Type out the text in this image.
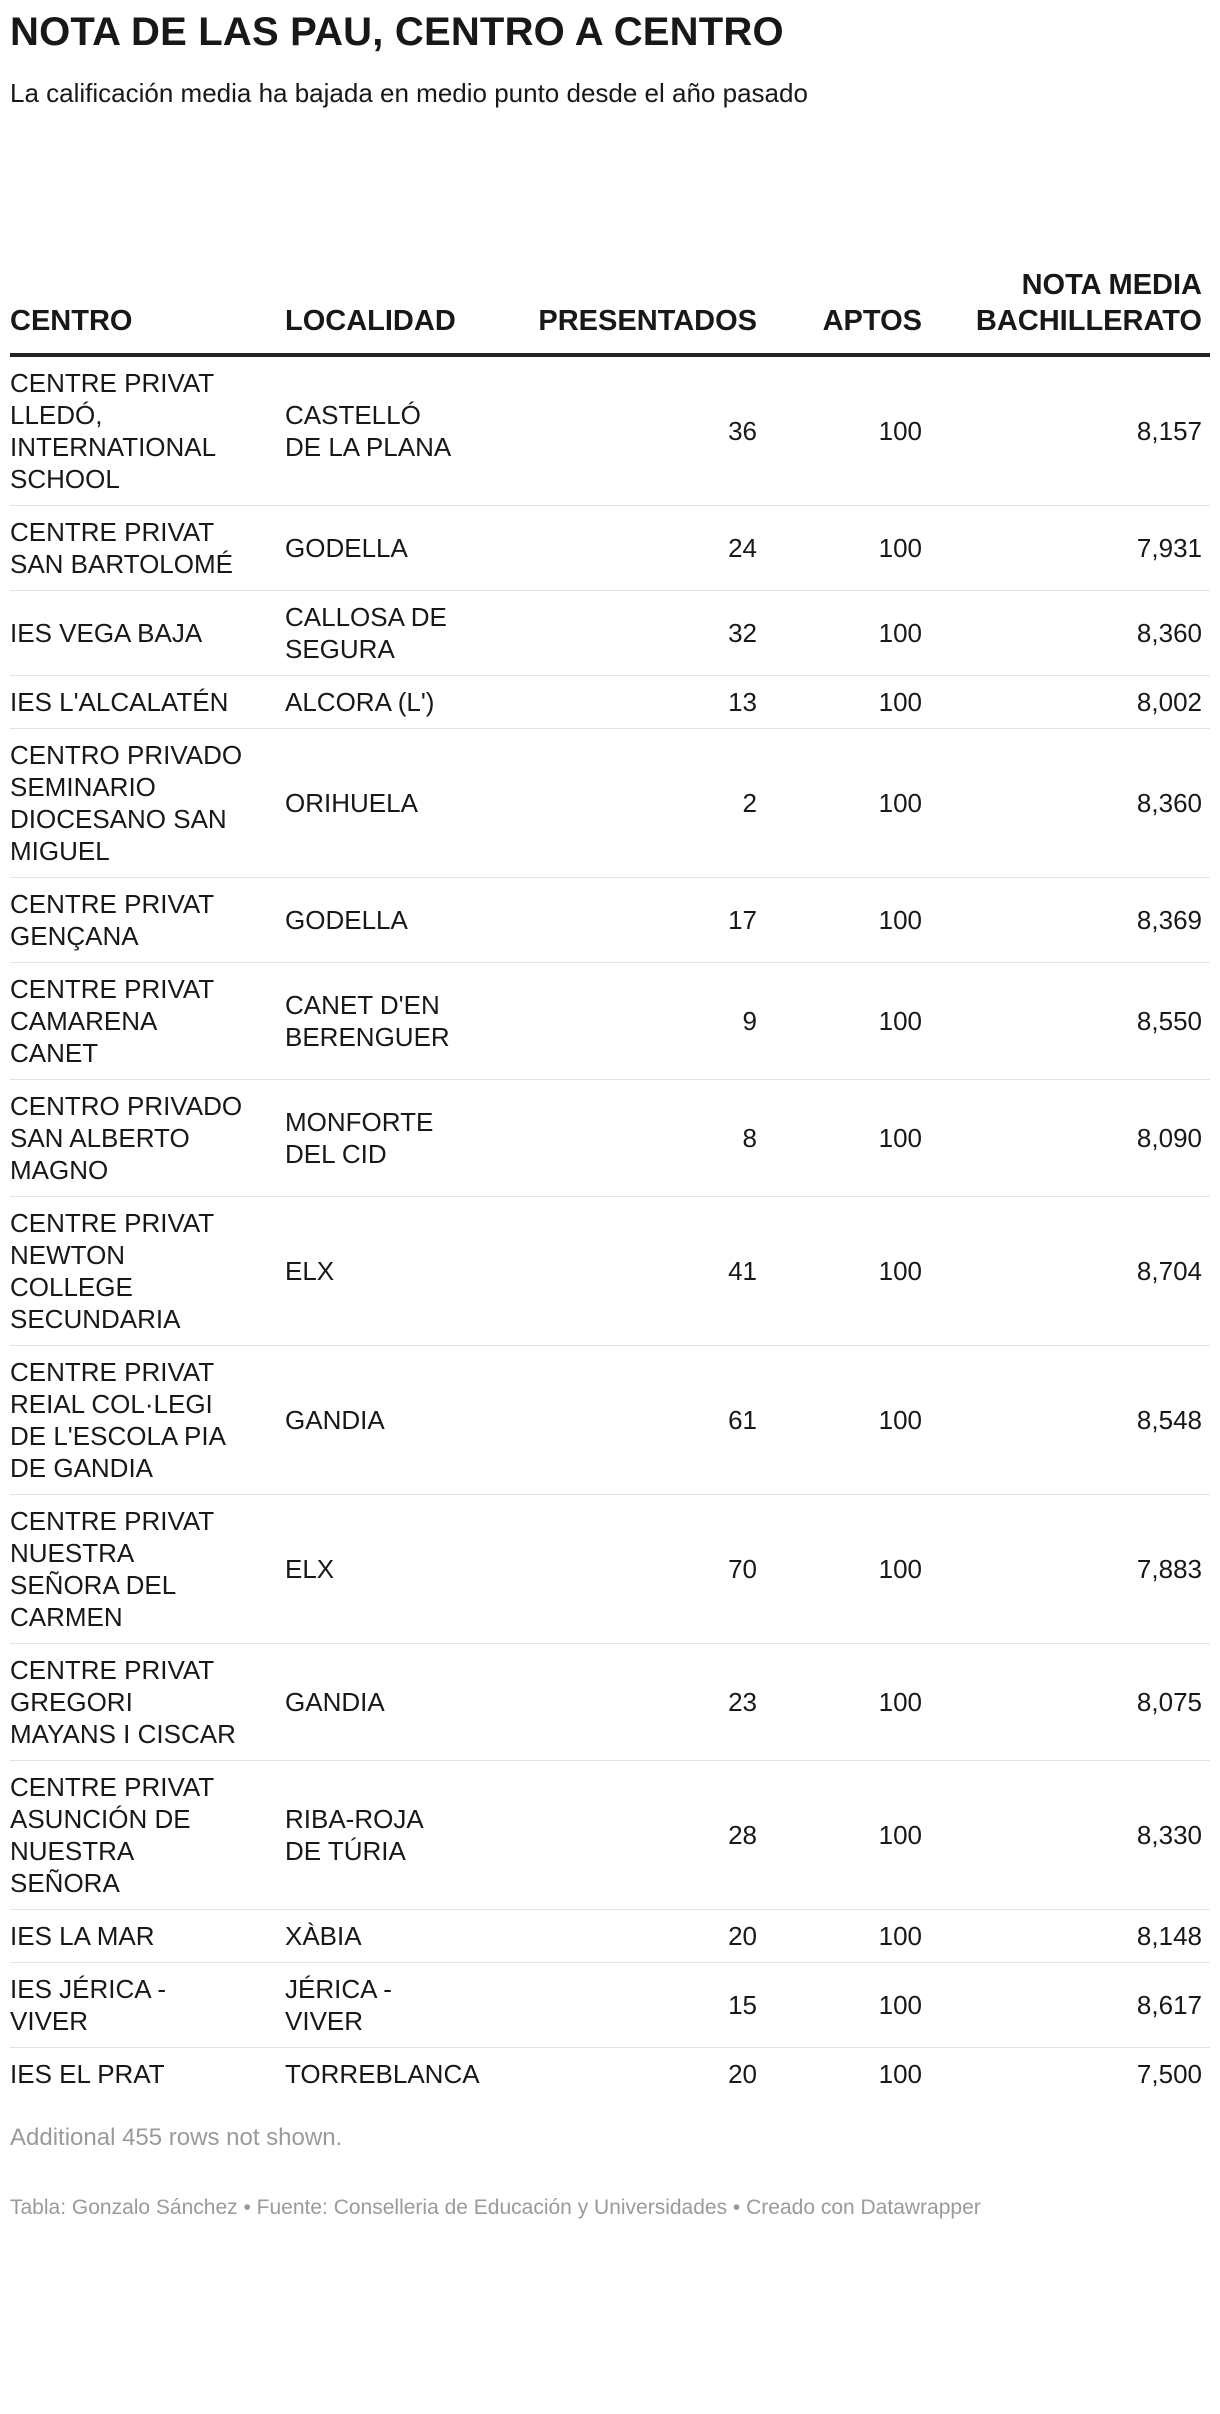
NOTA DE LAS PAU, CENTRO A CENTRO
La calificación media ha bajada en medio punto desde el año pasado
CENTRO	LOCALIDAD	PRESENTADOS	APTOS	NOTA MEDIA BACHILLERATO
CENTRE PRIVAT LLEDÓ, INTERNATIONAL SCHOOL	CASTELLÓ DE LA PLANA	36	100	8,157
CENTRE PRIVAT SAN BARTOLOMÉ	GODELLA	24	100	7,931
IES VEGA BAJA	CALLOSA DE SEGURA	32	100	8,360
IES L'ALCALATÉN	ALCORA (L')	13	100	8,002
CENTRO PRIVADO SEMINARIO DIOCESANO SAN MIGUEL	ORIHUELA	2	100	8,360
CENTRE PRIVAT GENÇANA	GODELLA	17	100	8,369
CENTRE PRIVAT CAMARENA CANET	CANET D'EN BERENGUER	9	100	8,550
CENTRO PRIVADO SAN ALBERTO MAGNO	MONFORTE DEL CID	8	100	8,090
CENTRE PRIVAT NEWTON COLLEGE SECUNDARIA	ELX	41	100	8,704
CENTRE PRIVAT REIAL COL·LEGI DE L'ESCOLA PIA DE GANDIA	GANDIA	61	100	8,548
CENTRE PRIVAT NUESTRA SEÑORA DEL CARMEN	ELX	70	100	7,883
CENTRE PRIVAT GREGORI MAYANS I CISCAR	GANDIA	23	100	8,075
CENTRE PRIVAT ASUNCIÓN DE NUESTRA SEÑORA	RIBA-ROJA DE TÚRIA	28	100	8,330
IES LA MAR	XÀBIA	20	100	8,148
IES JÉRICA - VIVER	JÉRICA - VIVER	15	100	8,617
IES EL PRAT	TORREBLANCA	20	100	7,500
Additional 455 rows not shown.
Tabla: Gonzalo Sánchez • Fuente: Conselleria de Educación y Universidades • Creado con Datawrapper
